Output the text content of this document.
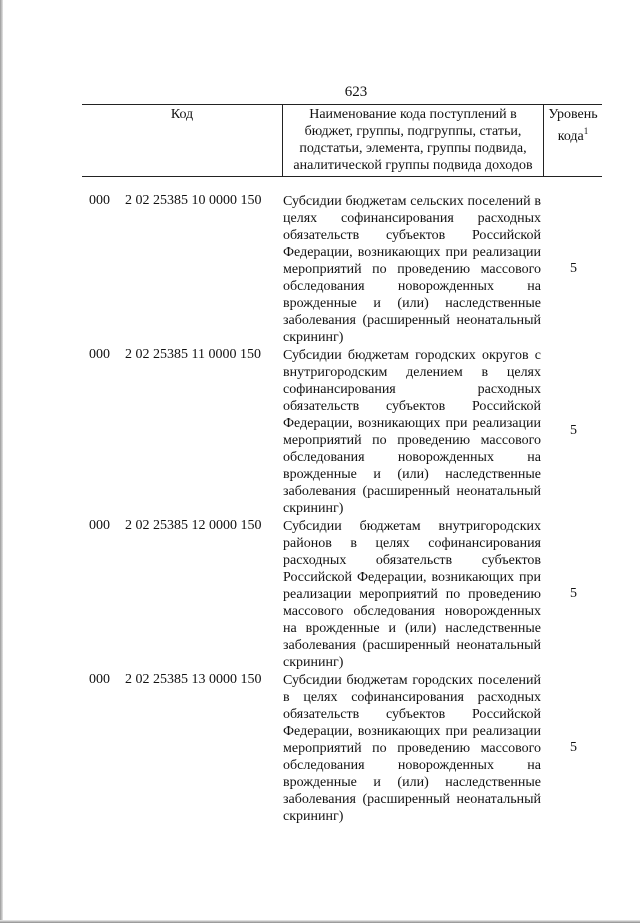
623
Код	Наименование кода поступлений в
бюджет, группы, подгруппы, статьи,
подстатьи, элемента, группы подвида,
аналитической группы подвида доходов
Уровень
кода$^1$
000 2 02 25385 10 0000 150 Субсидии бюджетам сельских поселений в целях софинансирования расходных обязательств субъектов Российской Федерации, возникающих при реализации мероприятий по проведению массового обследования новорожденных на врожденные и (или) наследственные заболевания (расширенный неонатальный скрининг)
5
000 2 02 25385 11 0000 150 Субсидии бюджетам городских округов с внутригородским делением в целях софинансирования расходных обязательств субъектов Российской Федерации, возникающих при реализации мероприятий по проведению массового обследования новорожденных на врожденные и (или) наследственные заболевания (расширенный неонатальный скрининг)
5
000 2 02 25385 12 0000 150 Субсидии бюджетам внутригородских районов в целях софинансирования расходных обязательств субъектов Российской Федерации, возникающих при реализации мероприятий по проведению массового обследования новорожденных на врожденные и (или) наследственные заболевания (расширенный неонатальный скрининг)
5
000 2 02 25385 13 0000 150 Субсидии бюджетам городских поселений в целях софинансирования расходных обязательств субъектов Российской Федерации, возникающих при реализации мероприятий по проведению массового обследования новорожденных на врожденные и (или) наследственные заболевания (расширенный неонатальный скрининг)
5
